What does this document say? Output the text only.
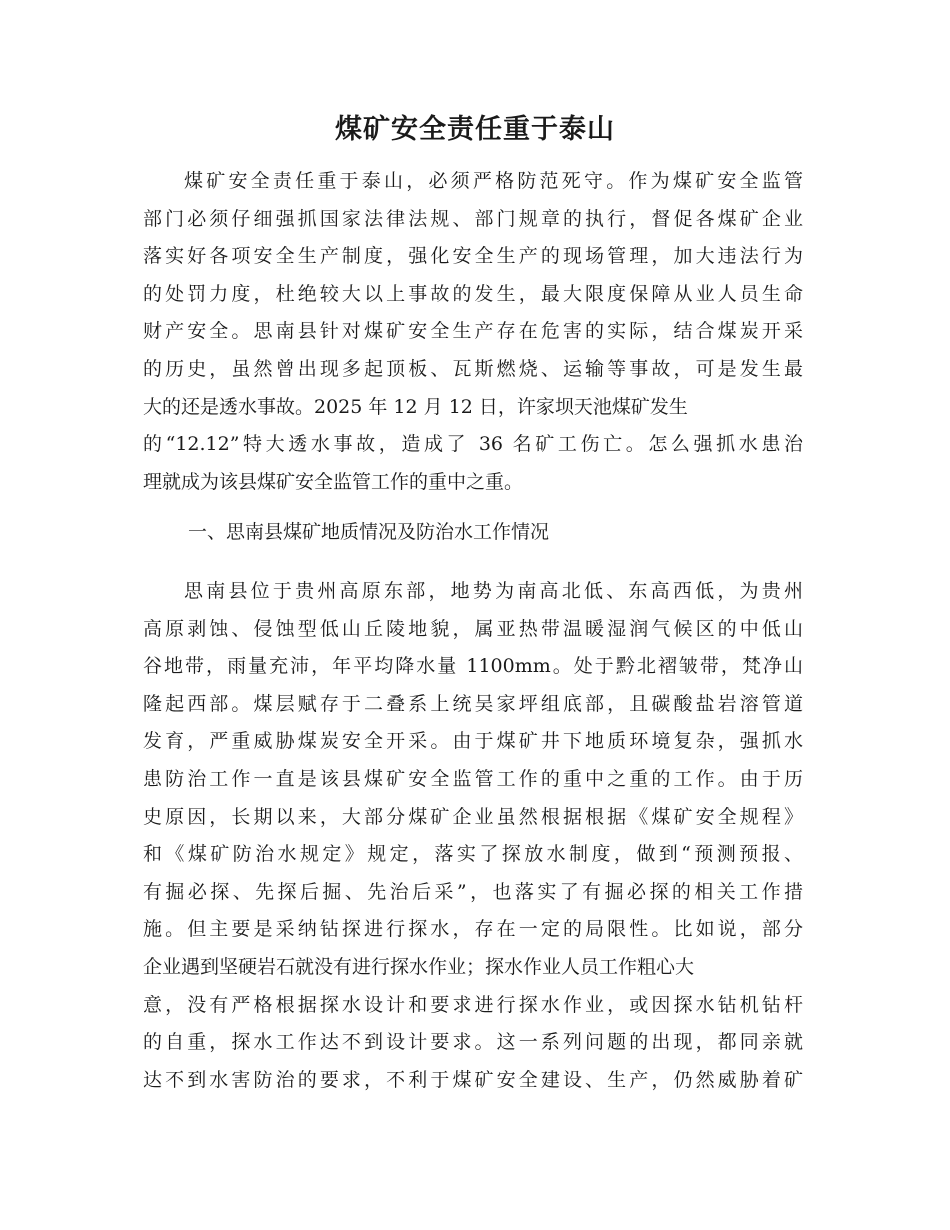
煤矿安全责任重于泰山
煤矿安全责任重于泰山，必须严格防范死守。作为煤矿安全监管
部门必须仔细强抓国家法律法规、部门规章的执行，督促各煤矿企业
落实好各项安全生产制度，强化安全生产的现场管理，加大违法行为
的处罚力度，杜绝较大以上事故的发生，最大限度保障从业人员生命
财产安全。思南县针对煤矿安全生产存在危害的实际，结合煤炭开采
的历史，虽然曾出现多起顶板、瓦斯燃烧、运输等事故，可是发生最
大的还是透水事故。2025 年 12 月 12 日，许家坝天池煤矿发生
的“12.12”特大透水事故，造成了 36 名矿工伤亡。怎么强抓水患治
理就成为该县煤矿安全监管工作的重中之重。
一、思南县煤矿地质情况及防治水工作情况
思南县位于贵州高原东部，地势为南高北低、东高西低，为贵州
高原剥蚀、侵蚀型低山丘陵地貌，属亚热带温暖湿润气候区的中低山
谷地带，雨量充沛，年平均降水量 1100mm。处于黔北褶皱带，梵净山
隆起西部。煤层赋存于二叠系上统吴家坪组底部，且碳酸盐岩溶管道
发育，严重威胁煤炭安全开采。由于煤矿井下地质环境复杂，强抓水
患防治工作一直是该县煤矿安全监管工作的重中之重的工作。由于历
史原因，长期以来，大部分煤矿企业虽然根据根据《煤矿安全规程》
和《煤矿防治水规定》规定，落实了探放水制度，做到“预测预报、
有掘必探、先探后掘、先治后采”，也落实了有掘必探的相关工作措
施。但主要是采纳钻探进行探水，存在一定的局限性。比如说，部分
企业遇到坚硬岩石就没有进行探水作业；探水作业人员工作粗心大
意，没有严格根据探水设计和要求进行探水作业，或因探水钻机钻杆
的自重，探水工作达不到设计要求。这一系列问题的出现，都同亲就
达不到水害防治的要求，不利于煤矿安全建设、生产，仍然威胁着矿
